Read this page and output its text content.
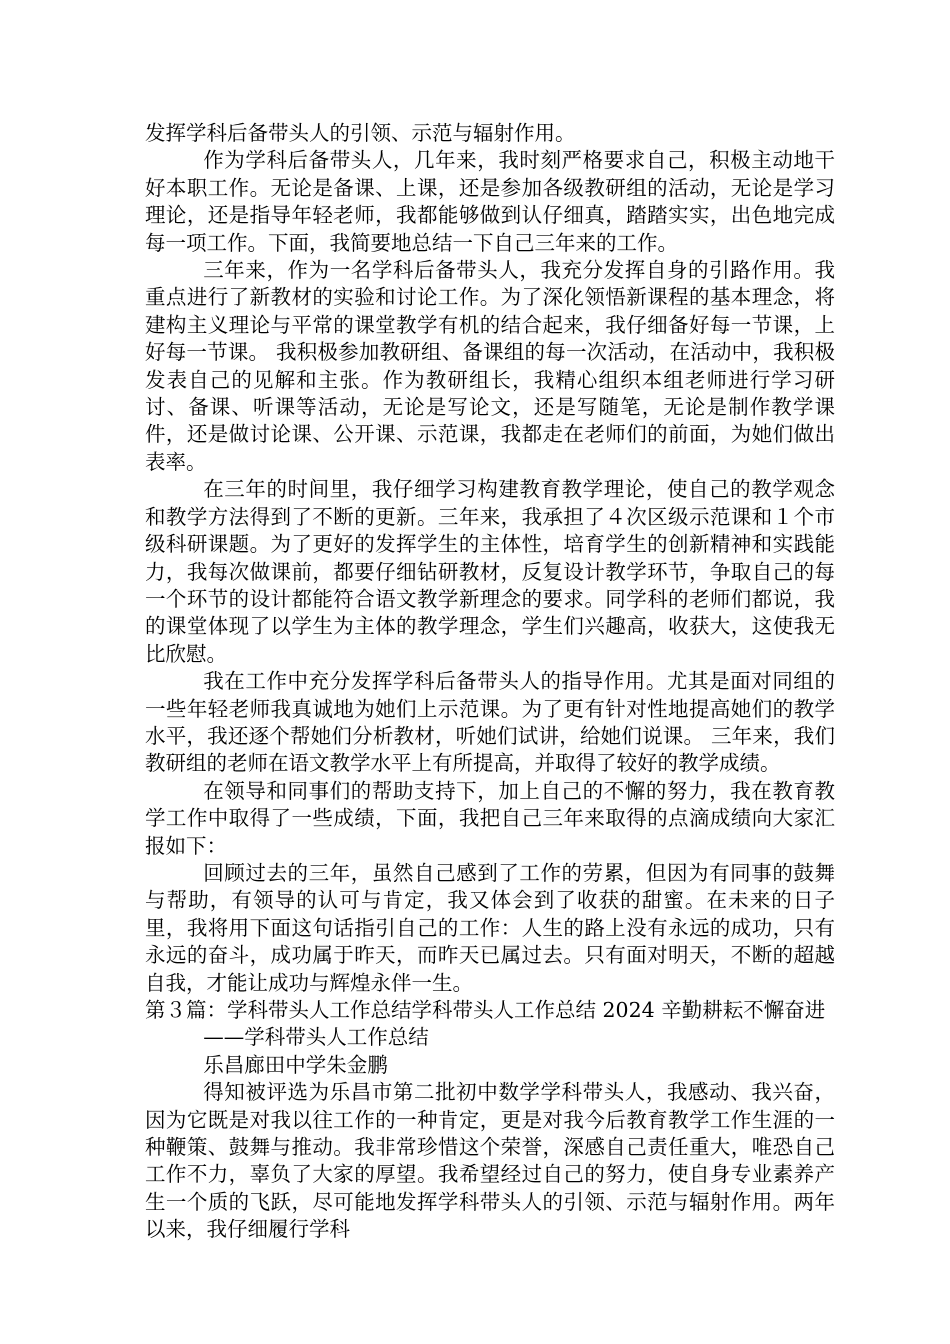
发挥学科后备带头人的引领、示范与辐射作用。

作为学科后备带头人，几年来，我时刻严格要求自己，积极主动地干好本职工作。无论是备课、上课，还是参加各级教研组的活动，无论是学习理论，还是指导年轻老师，我都能够做到认仔细真，踏踏实实，出色地完成每一项工作。下面，我简要地总结一下自己三年来的工作。

三年来，作为一名学科后备带头人，我充分发挥自身的引路作用。我重点进行了新教材的实验和讨论工作。为了深化领悟新课程的基本理念，将建构主义理论与平常的课堂教学有机的结合起来，我仔细备好每一节课，上好每一节课。 我积极参加教研组、备课组的每一次活动，在活动中，我积极发表自己的见解和主张。作为教研组长，我精心组织本组老师进行学习研讨、备课、听课等活动，无论是写论文，还是写随笔，无论是制作教学课件，还是做讨论课、公开课、示范课，我都走在老师们的前面，为她们做出表率。

在三年的时间里，我仔细学习构建教育教学理论，使自己的教学观念和教学方法得到了不断的更新。三年来，我承担了４次区级示范课和１个市级科研课题。为了更好的发挥学生的主体性，培育学生的创新精神和实践能力，我每次做课前，都要仔细钻研教材，反复设计教学环节，争取自己的每一个环节的设计都能符合语文教学新理念的要求。同学科的老师们都说，我的课堂体现了以学生为主体的教学理念，学生们兴趣高，收获大，这使我无比欣慰。

我在工作中充分发挥学科后备带头人的指导作用。尤其是面对同组的一些年轻老师我真诚地为她们上示范课。为了更有针对性地提高她们的教学水平，我还逐个帮她们分析教材，听她们试讲，给她们说课。 三年来，我们教研组的老师在语文教学水平上有所提高，并取得了较好的教学成绩。

在领导和同事们的帮助支持下，加上自己的不懈的努力，我在教育教学工作中取得了一些成绩，下面，我把自己三年来取得的点滴成绩向大家汇报如下：

回顾过去的三年，虽然自己感到了工作的劳累，但因为有同事的鼓舞与帮助，有领导的认可与肯定，我又体会到了收获的甜蜜。在未来的日子里，我将用下面这句话指引自己的工作：人生的路上没有永远的成功，只有永远的奋斗，成功属于昨天，而昨天已属过去。只有面对明天，不断的超越自我，才能让成功与辉煌永伴一生。

第３篇：学科带头人工作总结学科带头人工作总结 2024 辛勤耕耘不懈奋进

——学科带头人工作总结

乐昌廊田中学朱金鹏

得知被评选为乐昌市第二批初中数学学科带头人，我感动、我兴奋，因为它既是对我以往工作的一种肯定，更是对我今后教育教学工作生涯的一种鞭策、鼓舞与推动。我非常珍惜这个荣誉，深感自己责任重大，唯恐自己工作不力，辜负了大家的厚望。我希望经过自己的努力，使自身专业素养产生一个质的飞跃，尽可能地发挥学科带头人的引领、示范与辐射作用。两年以来，我仔细履行学科
